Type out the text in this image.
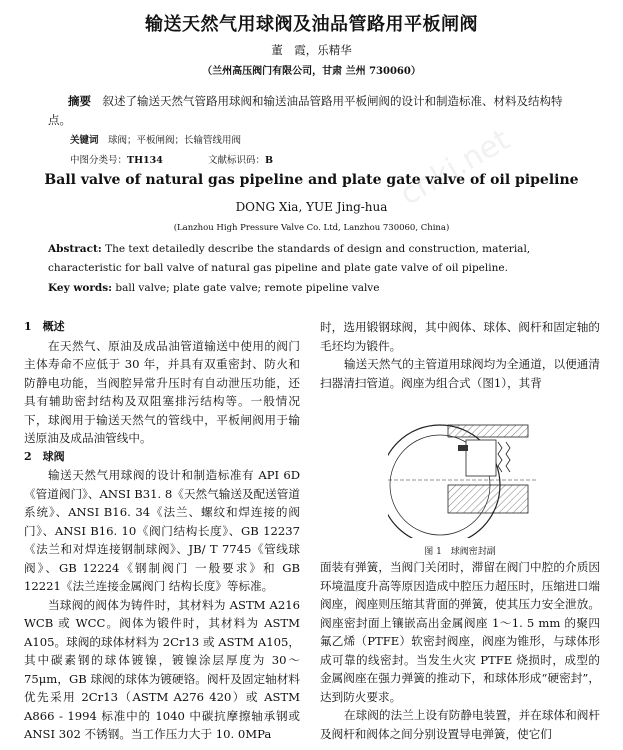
cnki.net
输送天然气用球阀及油品管路用平板闸阀
董　霞，乐精华
（兰州高压阀门有限公司，甘肃 兰州 730060）
摘要　 叙述了输送天然气管路用球阀和输送油品管路用平板闸阀的设计和制造标准、材料及结构特点。
关键词　 球阀；平板闸阀；长输管线用阀
中图分类号：TH134	文献标识码：B
Ball valve of natural gas pipeline and plate gate valve of oil pipeline
DONG Xia, YUE Jing-hua
(Lanzhou High Pressure Valve Co. Ltd, Lanzhou 730060, China)
Abstract: The text detailedly describe the standards of design and construction, material, characteristic for ball valve of natural gas pipeline and plate gate valve of oil pipeline.
Key words: ball valve; plate gate valve; remote pipeline valve

1　概述

在天然气、原油及成品油管道输送中使用的阀门主体寿命不应低于 30 年，并具有双重密封、防火和防静电功能，当阀腔异常升压时有自动泄压功能，还具有辅助密封结构及双阻塞排污结构等。一般情况下，球阀用于输送天然气的管线中，平板闸阀用于输送原油及成品油管线中。

2　球阀

输送天然气用球阀的设计和制造标准有 API 6D《管道阀门》、ANSI B31. 8《天然气输送及配送管道系统》、ANSI B16. 34《法兰、螺纹和焊连接的阀门》、ANSI B16. 10《阀门结构长度》、GB 12237《法兰和对焊连接钢制球阀》、JB/ T 7745《管线球阀》、GB 12224《钢制阀门 一般要求》和 GB 12221《法兰连接金属阀门 结构长度》等标准。

当球阀的阀体为铸件时，其材料为 ASTM A216 WCB 或 WCC。阀体为锻件时，其材料为 ASTM A105。球阀的球体材料为 2Cr13 或 ASTM A105，其中碳素钢的球体镀镍，镀镍涂层厚度为 30～75μm，GB 球阀的球体为镀硬铬。阀杆及固定轴材料优先采用 2Cr13（ASTM A276 420）或 ASTM A866 - 1994 标准中的 1040 中碳抗摩擦轴承钢或 ANSI 302 不锈钢。当工作压力大于 10. 0MPa

时，选用锻钢球阀，其中阀体、球体、阀杆和固定轴的毛坯均为锻件。

输送天然气的主管道用球阀均为全通道，以便通清扫器清扫管道。阀座为组合式（图1），其背

图 1　球阀密封副

面装有弹簧，当阀门关闭时，滞留在阀门中腔的介质因环境温度升高等原因造成中腔压力超压时，压缩进口端阀座，阀座则压缩其背面的弹簧，使其压力安全泄放。阀座密封面上镶嵌高出金属阀座 1～1. 5 mm 的聚四氟乙烯（PTFE）软密封阀座，阀座为锥形，与球体形成可靠的线密封。当发生火灾 PTFE 烧损时，成型的金属阀座在强力弹簧的推动下，和球体形成“硬密封”，达到防火要求。

在球阀的法兰上设有防静电装置，并在球体和阀杆及阀杆和阀体之间分别设置导电弹簧，使它们
